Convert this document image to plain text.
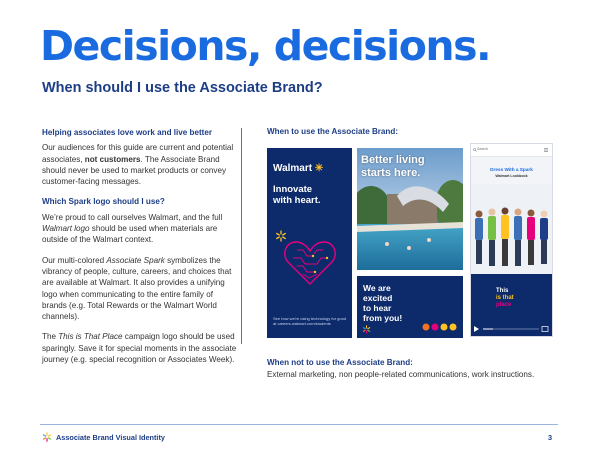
Decisions, decisions.
When should I use the Associate Brand?
Helping associates love work and live better

Our audiences for this guide are current and potential associates, not customers. The Associate Brand should never be used to market products or convey customer-facing messages.

Which Spark logo should I use?

We’re proud to call ourselves Walmart, and the full Walmart logo should be used when materials are outside of the Walmart context.

Our multi-colored Associate Spark symbolizes the vibrancy of people, culture, careers, and choices that are available at Walmart. It also provides a unifying logo when communicating to the entire family of brands (e.g. Total Rewards or the Walmart World channels).

The This is That Place campaign logo should be used sparingly. Save it for special moments in the associate journey (e.g. special recognition or Associates Week).

When to use the Associate Brand:
Walmart ✳
Innovate
with heart.
See how we're using technology for good at careers.walmart.com/students
Better living
starts here.
We are
excited
to hear
from you!
Search
Dress With a Spark
Walmart Lookbook
This
is that
place
When not to use the Associate Brand:

External marketing, non people-related communications, work instructions.

Associate Brand Visual Identity	3
